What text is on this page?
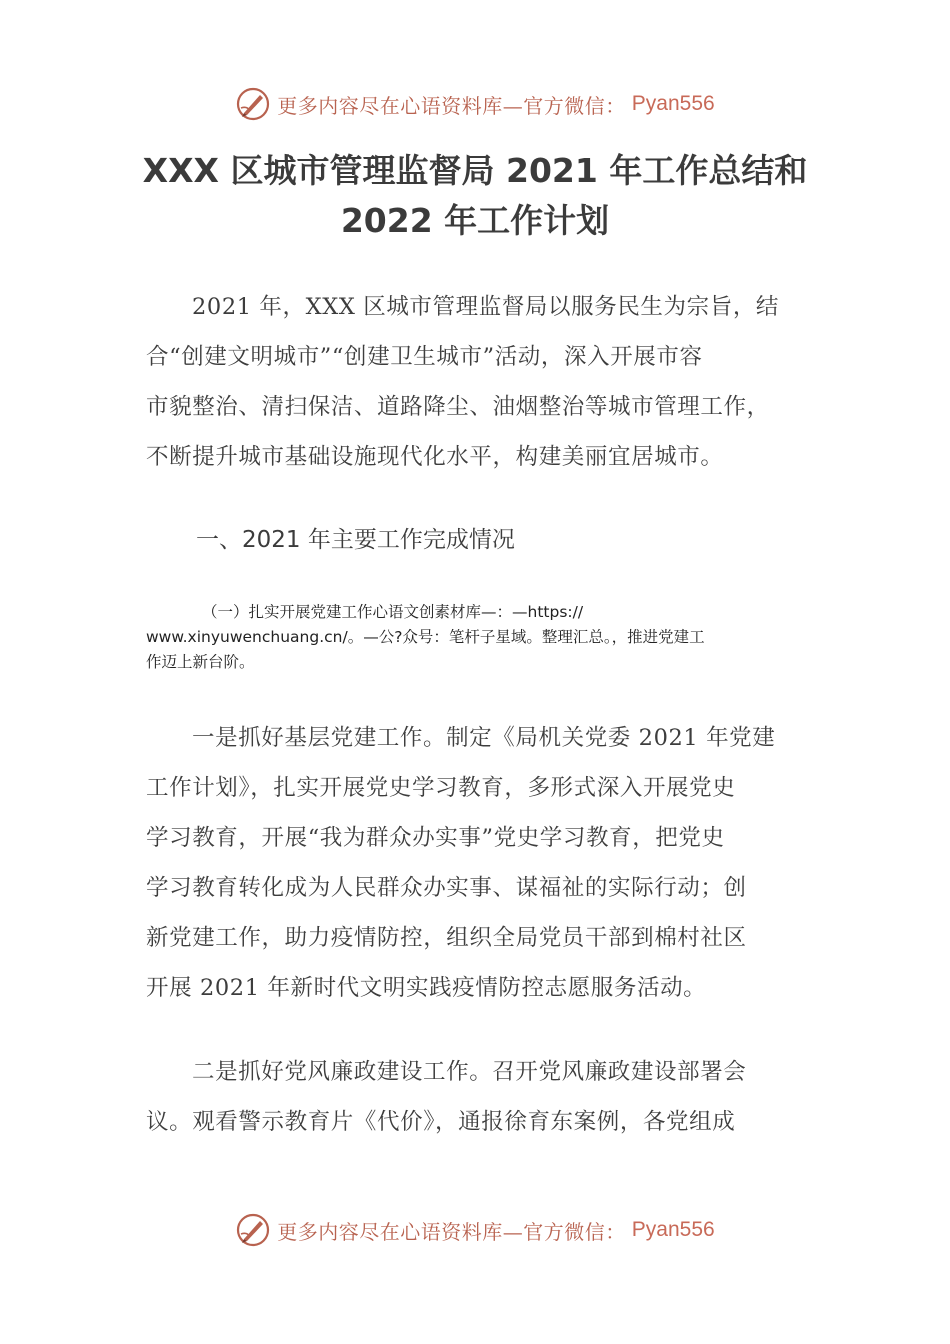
更多内容尽在心语资料库—官方微信： Pyan556
XXX 区城市管理监督局 2021 年工作总结和
2022 年工作计划
2021 年，XXX 区城市管理监督局以服务民生为宗旨，结
合“创建文明城市”“创建卫生城市”活动，深入开展市容
市貌整治、清扫保洁、道路降尘、油烟整治等城市管理工作，
不断提升城市基础设施现代化水平，构建美丽宜居城市。
一、2021 年主要工作完成情况
（一）扎实开展党建工作心语文创素材库—：—https://
www.xinyuwenchuang.cn/。—公?众号：笔杆子星域。整理汇总。，推进党建工
作迈上新台阶。
一是抓好基层党建工作。制定《局机关党委 2021 年党建
工作计划》，扎实开展党史学习教育，多形式深入开展党史
学习教育，开展“我为群众办实事”党史学习教育，把党史
学习教育转化成为人民群众办实事、谋福祉的实际行动；创
新党建工作，助力疫情防控，组织全局党员干部到棉村社区
开展 2021 年新时代文明实践疫情防控志愿服务活动。
二是抓好党风廉政建设工作。召开党风廉政建设部署会
议。观看警示教育片《代价》，通报徐育东案例，各党组成
更多内容尽在心语资料库—官方微信： Pyan556
